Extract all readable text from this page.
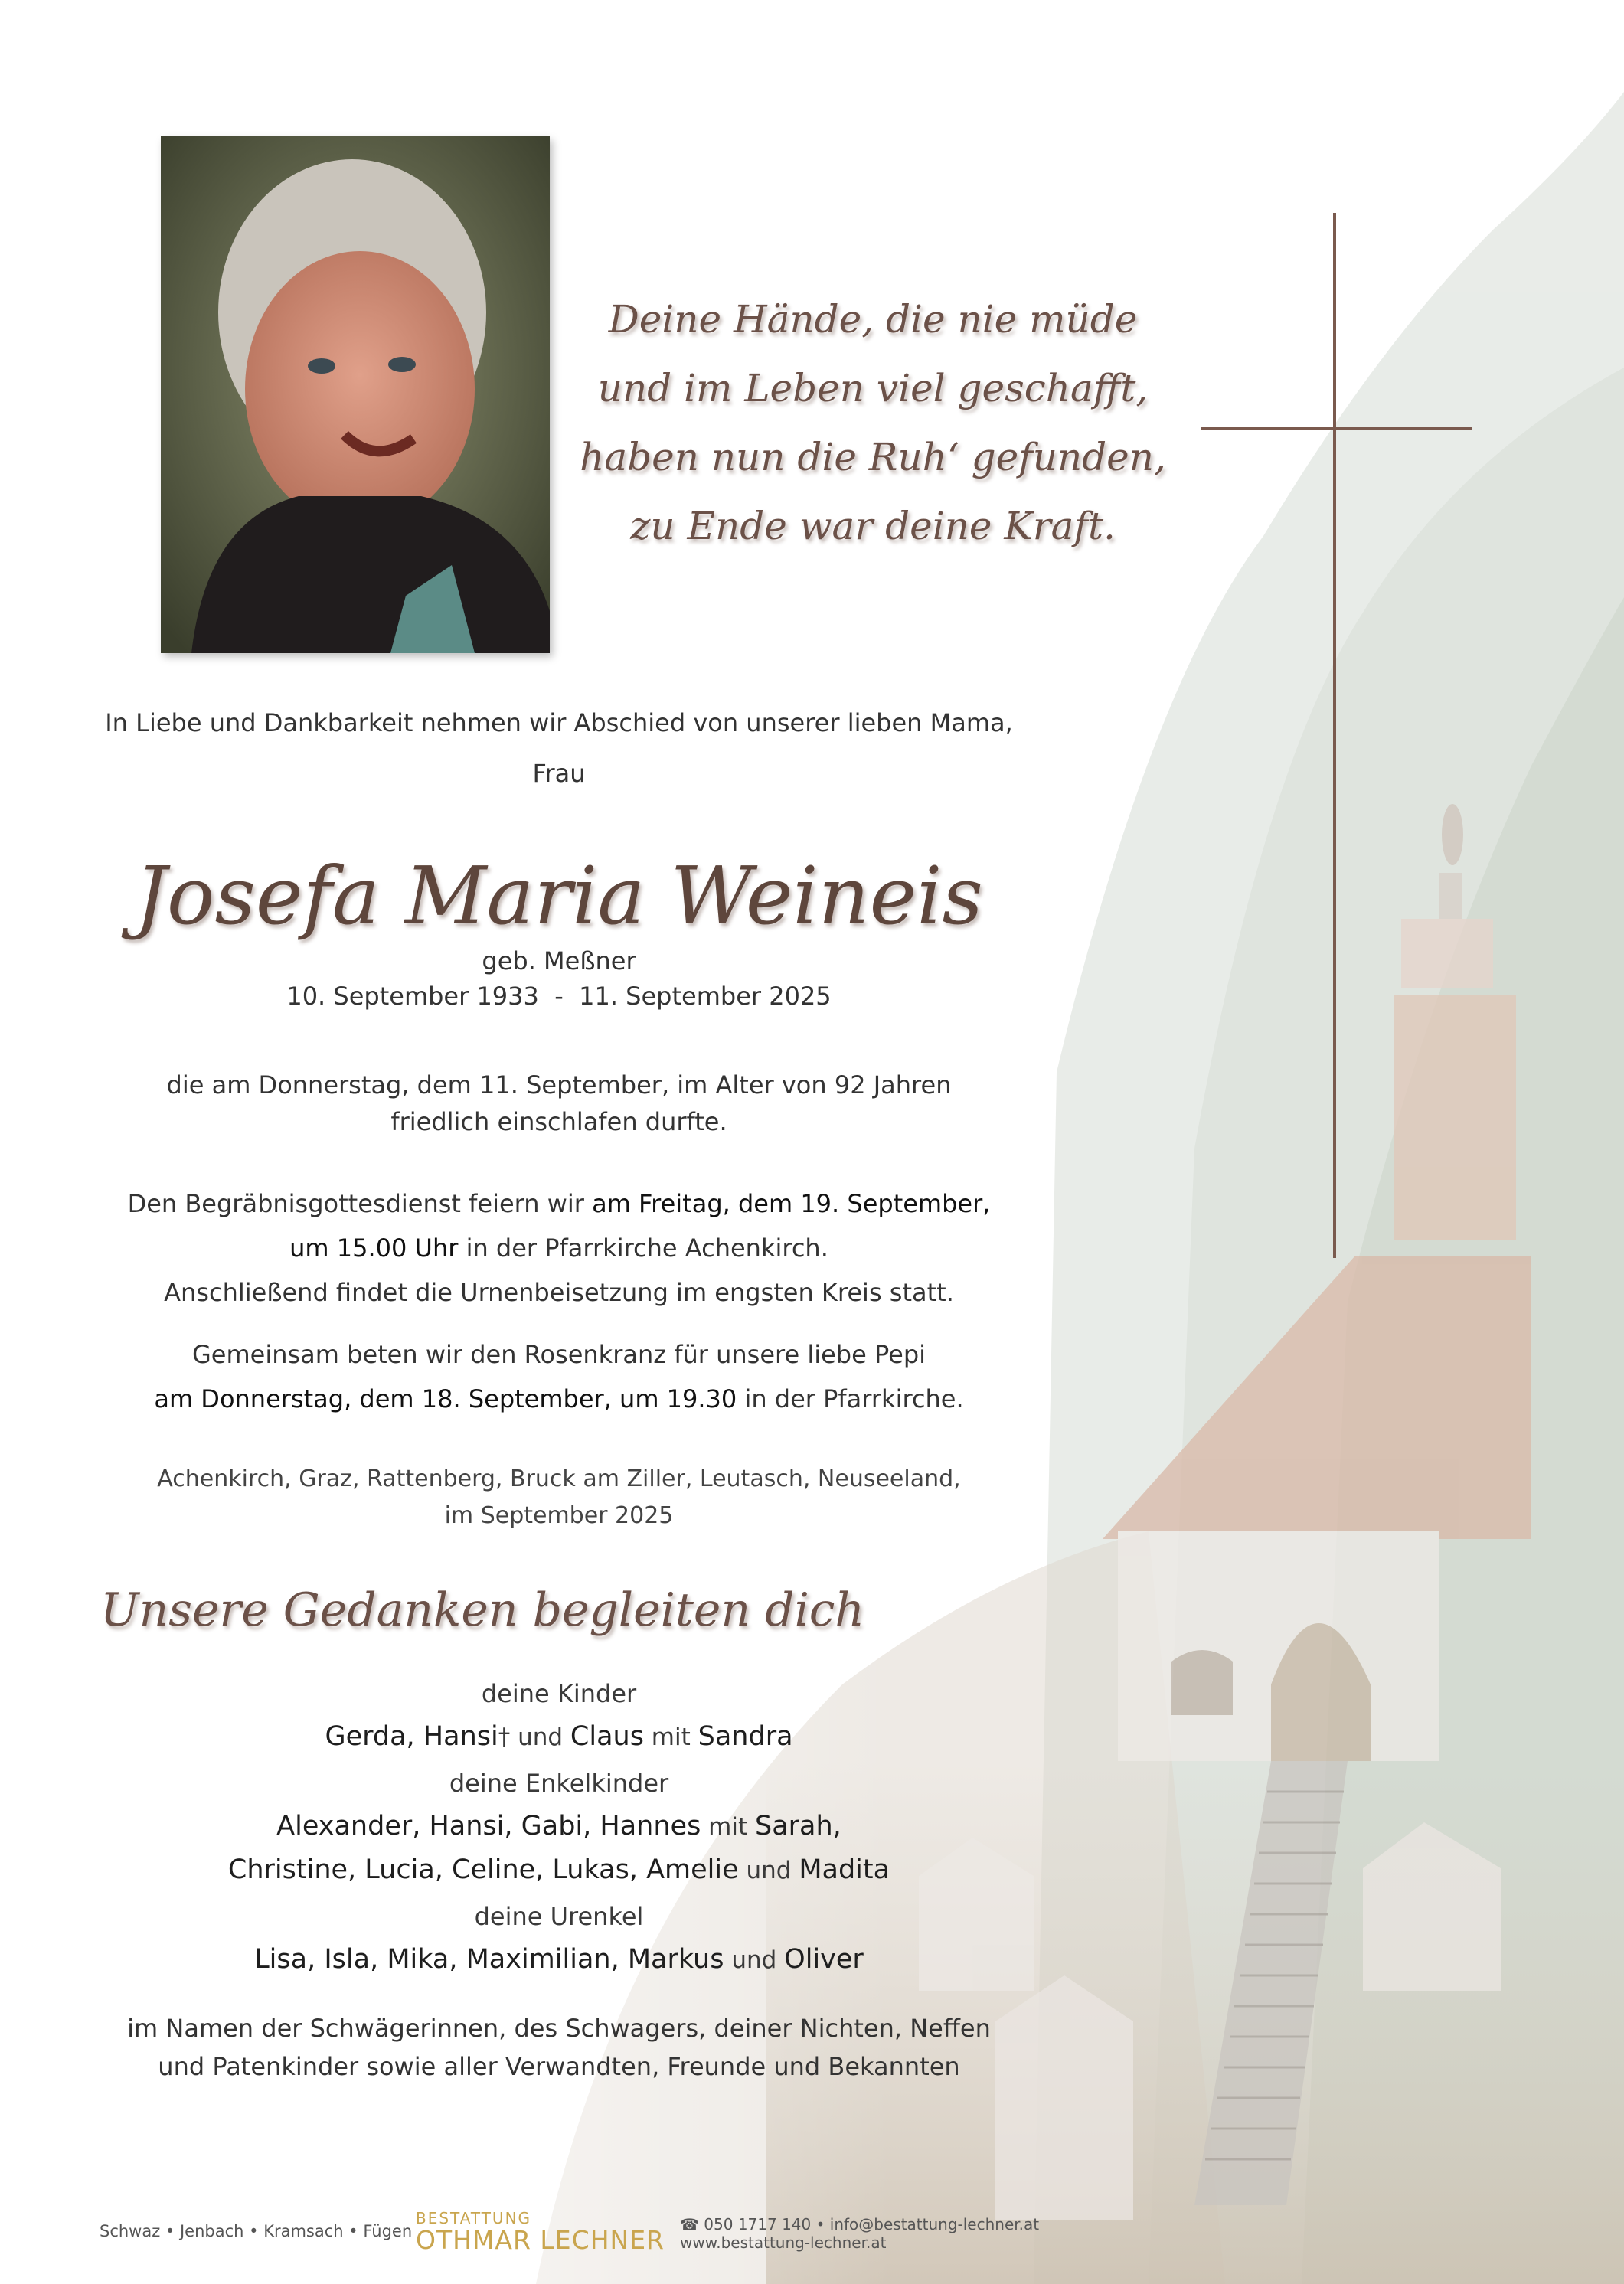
Deine Hände, die nie müde
und im Leben viel geschafft,
haben nun die Ruh‘ gefunden,
zu Ende war deine Kraft.
In Liebe und Dankbarkeit nehmen wir Abschied von unserer lieben Mama,
Frau
Josefa Maria Weineis
geb. Meßner
10. September 1933  -  11. September 2025
die am Donnerstag, dem 11. September, im Alter von 92 Jahren
friedlich einschlafen durfte.
Den Begräbnisgottesdienst feiern wir am Freitag, dem 19. September,
um 15.00 Uhr in der Pfarrkirche Achenkirch.
Anschließend findet die Urnenbeisetzung im engsten Kreis statt.
Gemeinsam beten wir den Rosenkranz für unsere liebe Pepi
am Donnerstag, dem 18. September, um 19.30 in der Pfarrkirche.
Achenkirch, Graz, Rattenberg, Bruck am Ziller, Leutasch, Neuseeland,
im September 2025
Unsere Gedanken begleiten dich
deine Kinder
Gerda, Hansi† und Claus mit Sandra
deine Enkelkinder
Alexander, Hansi, Gabi, Hannes mit Sarah,
Christine, Lucia, Celine, Lukas, Amelie und Madita
deine Urenkel
Lisa, Isla, Mika, Maximilian, Markus und Oliver
im Namen der Schwägerinnen, des Schwagers, deiner Nichten, Neffen
und Patenkinder sowie aller Verwandten, Freunde und Bekannten
Schwaz • Jenbach • Kramsach • Fügen
BESTATTUNG
OTHMAR LECHNER
☎ 050 1717 140 • info@bestattung-lechner.at
www.bestattung-lechner.at
